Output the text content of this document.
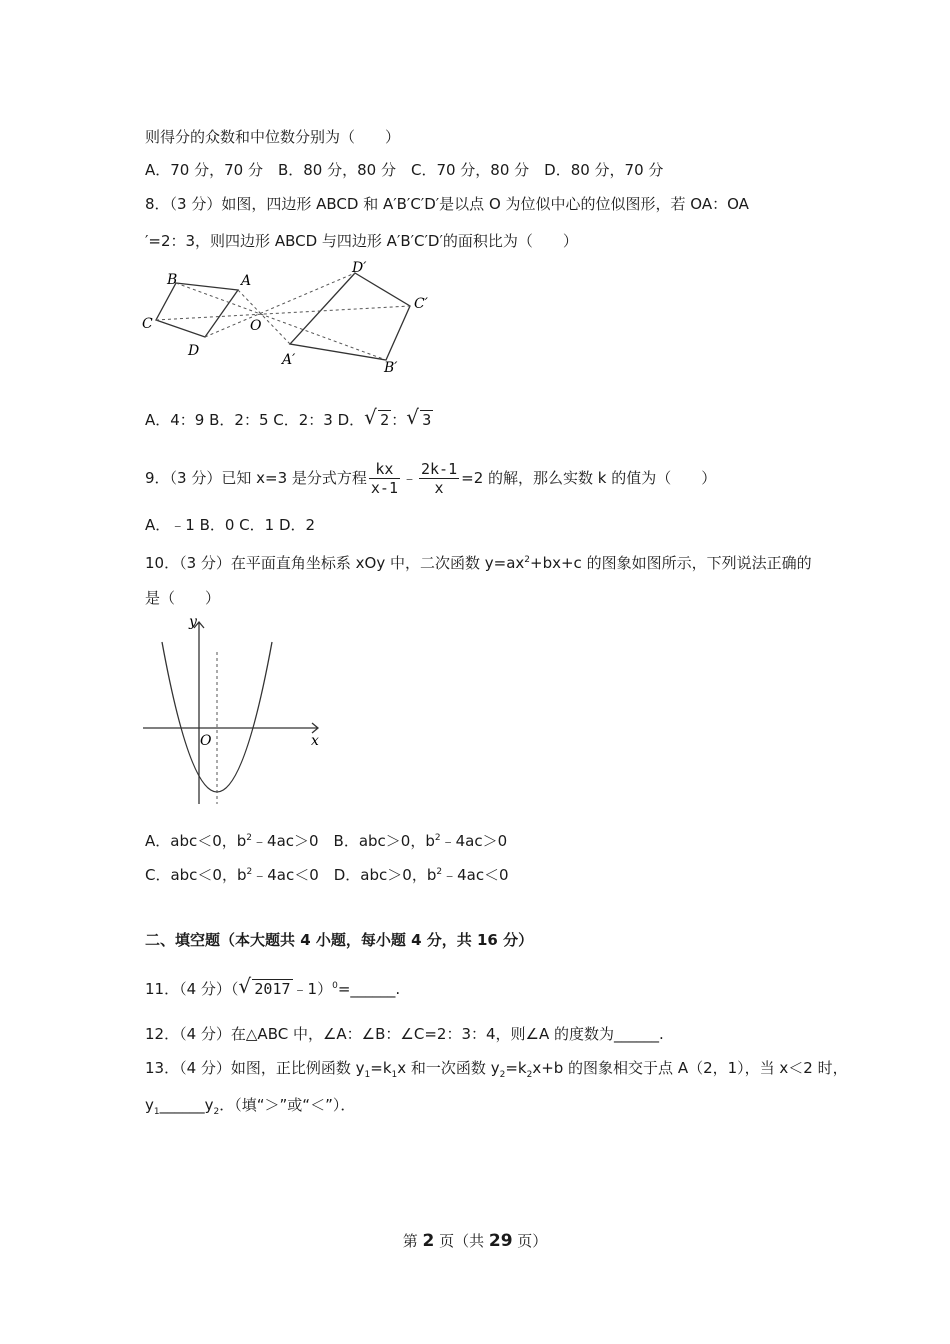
则得分的众数和中位数分别为（　　）
A．70 分，70 分　B．80 分，80 分　C．70 分，80 分　D．80 分，70 分
8．（3 分）如图，四边形 ABCD 和 A′B′C′D′是以点 O 为位似中心的位似图形，若 OA：OA
′=2：3，则四边形 ABCD 与四边形 A′B′C′D′的面积比为（　　）
B	A
C
D
O
D′
C′
A′	B′
A．4：9 B．2：5 C．2：3 D． √ 2 ： √ 3
9．（3 分）已知 x=3 是分式方程 $\frac{kx}{x-1}$ ﹣ $\frac{2k-1}{x} =2$ 的解，那么实数 k 的值为（　　）
A．﹣1 B．0 C．1 D．2
10．（3 分）在平面直角坐标系 xOy 中，二次函数 $y=ax^2+bx+c$ 的图象如图所示，下列说法正确的
是（　　）
y
x
O
A．abc＜0，$b^2﹣4ac>0$　B．abc＞0，$b^2﹣4ac>0$
C．abc＜0，$b^2﹣4ac<0$　D．abc＞0，$b^2﹣4ac<0$
二、填空题（本大题共 4 小题，每小题 4 分，共 16 分）
11．（4 分）（ √ 2017 ﹣1）$^0$=______.
12．（4 分）在△ABC 中，∠A：∠B：∠C=2：3：4，则∠A 的度数为______.
13．（4 分）如图，正比例函数 $y_1=k_1x$ 和一次函数 $y_2=k_2x+b$ 的图象相交于点 A（2，1），当 x＜2 时，
$y_1\_\_\_\_\_\_y_2$．（填“＞”或“＜”）．
第 2 页（共 29 页）
